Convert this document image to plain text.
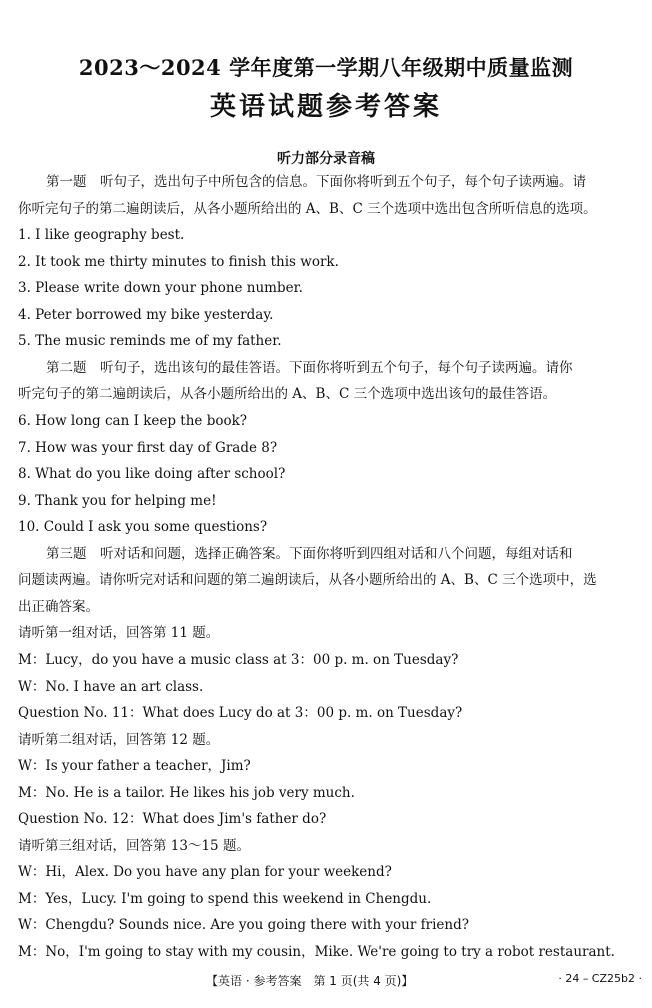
2023～2024 学年度第一学期八年级期中质量监测
英语试题参考答案
听力部分录音稿
第一题　听句子，选出句子中所包含的信息。下面你将听到五个句子，每个句子读两遍。请
你听完句子的第二遍朗读后，从各小题所给出的 A、B、C 三个选项中选出包含所听信息的选项。
1. I like geography best.
2. It took me thirty minutes to finish this work.
3. Please write down your phone number.
4. Peter borrowed my bike yesterday.
5. The music reminds me of my father.
第二题　听句子，选出该句的最佳答语。下面你将听到五个句子，每个句子读两遍。请你
听完句子的第二遍朗读后，从各小题所给出的 A、B、C 三个选项中选出该句的最佳答语。
6. How long can I keep the book?
7. How was your first day of Grade 8?
8. What do you like doing after school?
9. Thank you for helping me!
10. Could I ask you some questions?
第三题　听对话和问题，选择正确答案。下面你将听到四组对话和八个问题，每组对话和
问题读两遍。请你听完对话和问题的第二遍朗读后，从各小题所给出的 A、B、C 三个选项中，选
出正确答案。
请听第一组对话，回答第 11 题。
M：Lucy，do you have a music class at 3：00 p. m. on Tuesday?
W：No. I have an art class.
Question No. 11：What does Lucy do at 3：00 p. m. on Tuesday?
请听第二组对话，回答第 12 题。
W：Is your father a teacher，Jim?
M：No. He is a tailor. He likes his job very much.
Question No. 12：What does Jim's father do?
请听第三组对话，回答第 13～15 题。
W：Hi，Alex. Do you have any plan for your weekend?
M：Yes，Lucy. I'm going to spend this weekend in Chengdu.
W：Chengdu? Sounds nice. Are you going there with your friend?
M：No，I'm going to stay with my cousin，Mike. We're going to try a robot restaurant.
【英语 · 参考答案　第 1 页(共 4 页)】	· 24 – CZ25b2 ·
